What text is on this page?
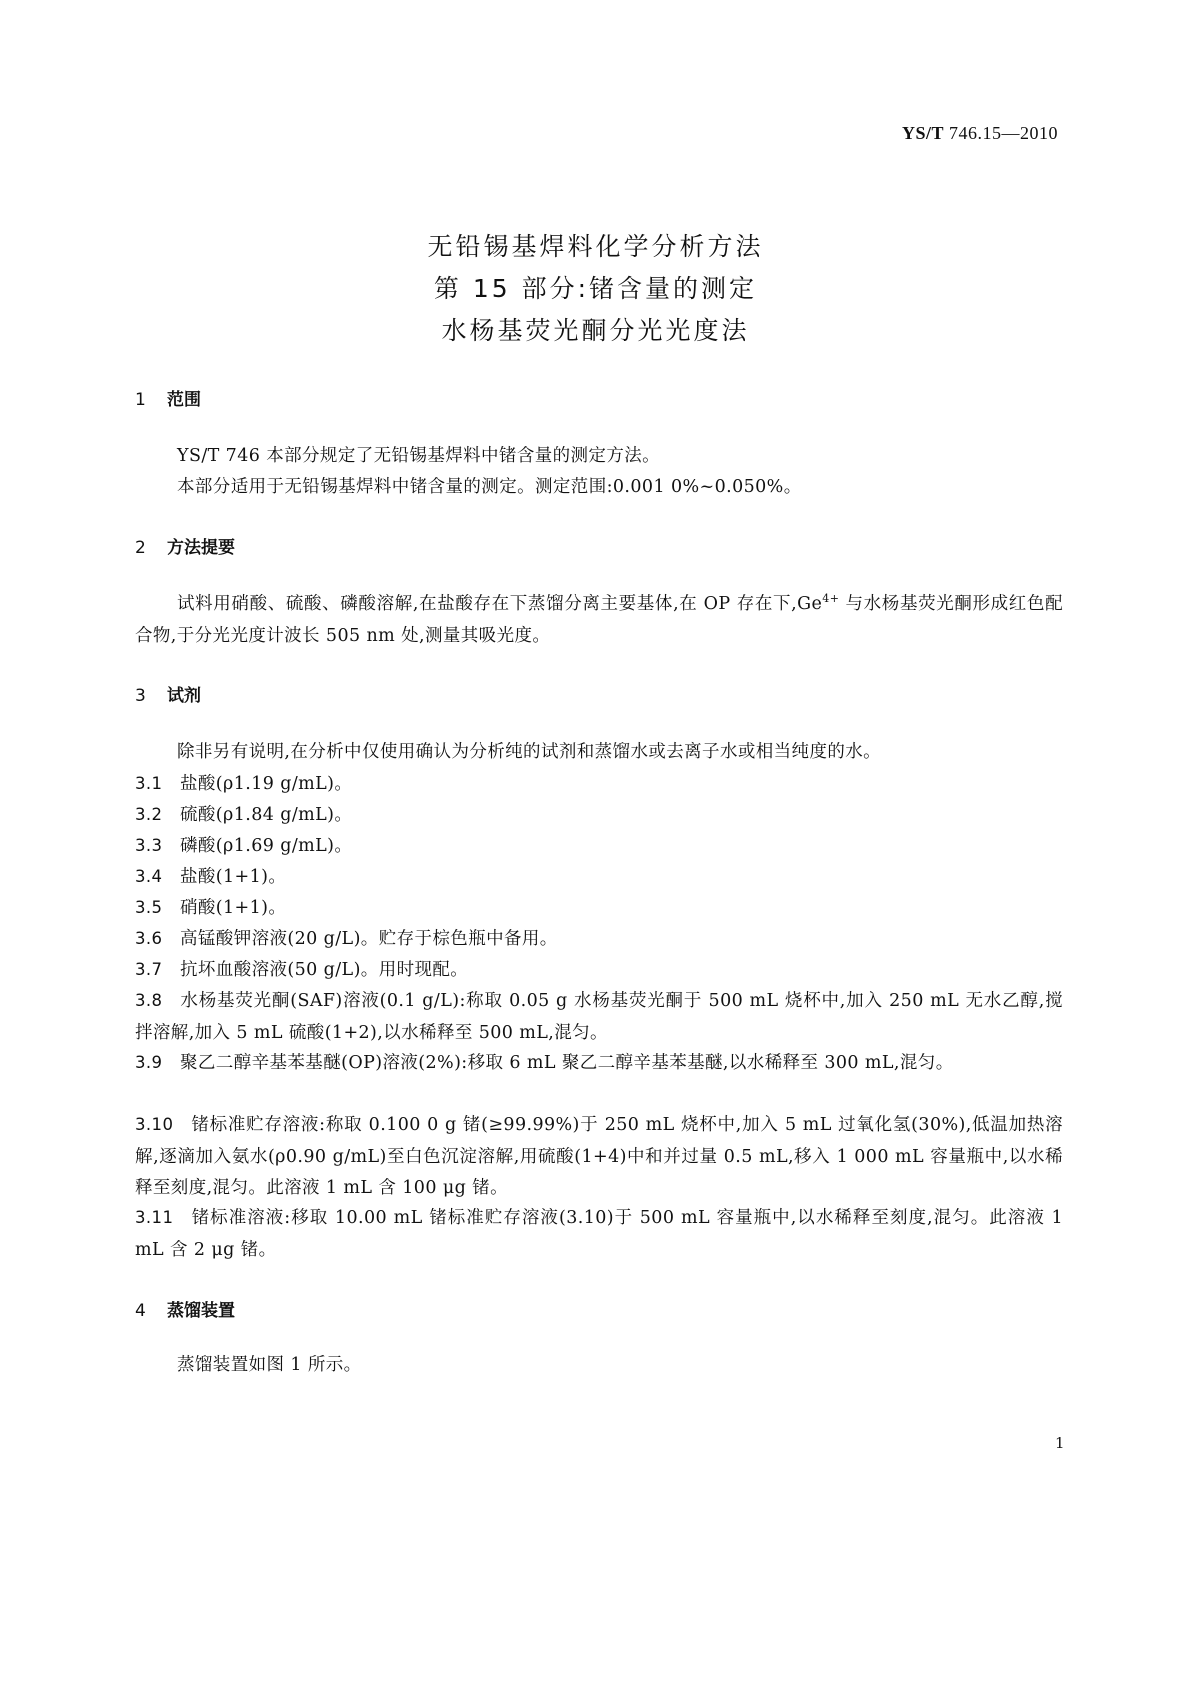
YS/T 746.15—2010
无铅锡基焊料化学分析方法
第 15 部分:锗含量的测定
水杨基荧光酮分光光度法
1 范围
YS/T 746 本部分规定了无铅锡基焊料中锗含量的测定方法。
本部分适用于无铅锡基焊料中锗含量的测定。测定范围:0.001 0%~0.050%。
2 方法提要
试料用硝酸、硫酸、磷酸溶解,在盐酸存在下蒸馏分离主要基体,在 OP 存在下$,Ge^{4+}$ 与水杨基荧光酮形成红色配合物,于分光光度计波长 505 nm 处,测量其吸光度。
3 试剂
除非另有说明,在分析中仅使用确认为分析纯的试剂和蒸馏水或去离子水或相当纯度的水。
3.1 盐酸(ρ1.19 g/mL)。
3.2 硫酸(ρ1.84 g/mL)。
3.3 磷酸(ρ1.69 g/mL)。
3.4 盐酸(1+1)。
3.5 硝酸(1+1)。
3.6 高锰酸钾溶液(20 g/L)。贮存于棕色瓶中备用。
3.7 抗坏血酸溶液(50 g/L)。用时现配。
3.8 水杨基荧光酮(SAF)溶液(0.1 g/L):称取 0.05 g 水杨基荧光酮于 500 mL 烧杯中,加入 250 mL 无水乙醇,搅拌溶解,加入 5 mL 硫酸(1+2),以水稀释至 500 mL,混匀。
3.9 聚乙二醇辛基苯基醚(OP)溶液(2%):移取 6 mL 聚乙二醇辛基苯基醚,以水稀释至 300 mL,混匀。
3.10 锗标准贮存溶液:称取 0.100 0 g 锗(≥99.99%)于 250 mL 烧杯中,加入 5 mL 过氧化氢(30%),低温加热溶解,逐滴加入氨水(ρ0.90 g/mL)至白色沉淀溶解,用硫酸(1+4)中和并过量 0.5 mL,移入 1 000 mL 容量瓶中,以水稀释至刻度,混匀。此溶液 1 mL 含 100 μg 锗。
3.11 锗标准溶液:移取 10.00 mL 锗标准贮存溶液(3.10)于 500 mL 容量瓶中,以水稀释至刻度,混匀。此溶液 1 mL 含 2 μg 锗。
4 蒸馏装置
蒸馏装置如图 1 所示。
1
